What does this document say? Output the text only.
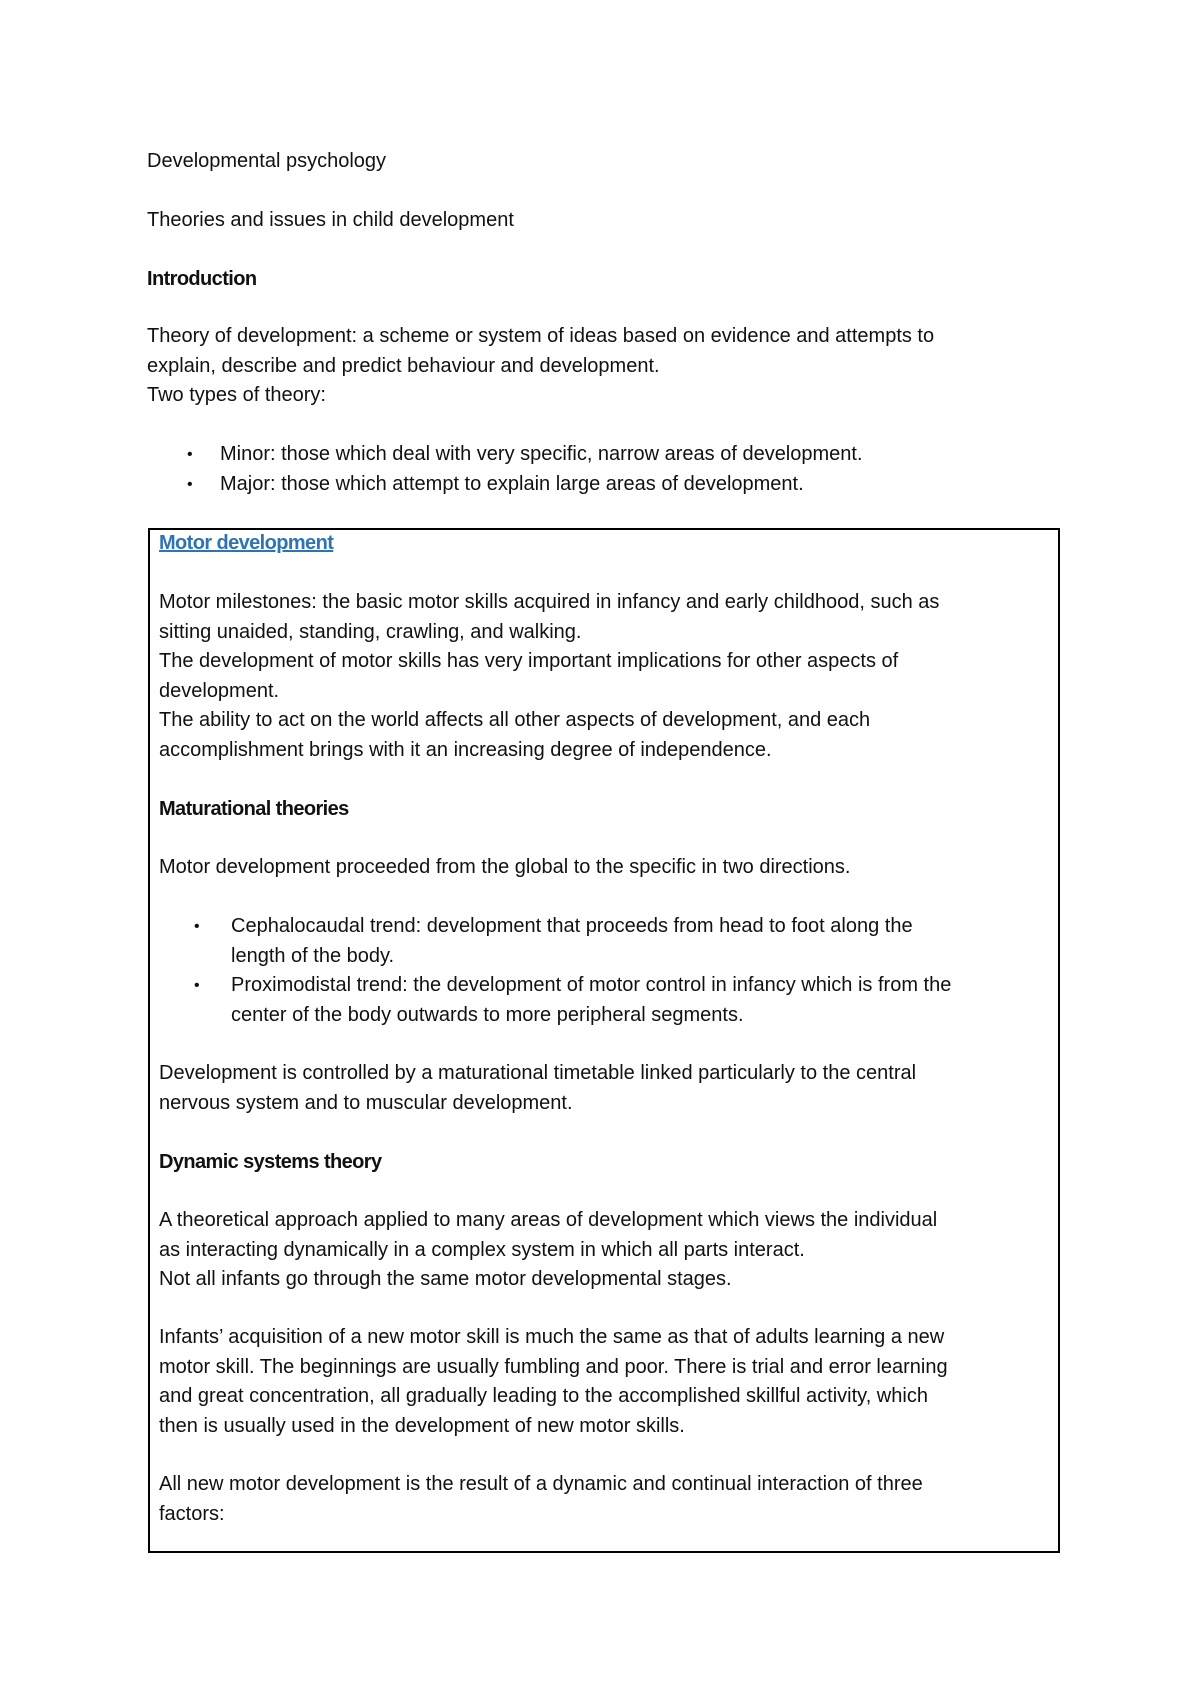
Developmental psychology
Theories and issues in child development
Introduction
Theory of development: a scheme or system of ideas based on evidence and attempts to
explain, describe and predict behaviour and development.
Two types of theory:
• Minor: those which deal with very specific, narrow areas of development.
• Major: those which attempt to explain large areas of development.
Motor development
Motor milestones: the basic motor skills acquired in infancy and early childhood, such as
sitting unaided, standing, crawling, and walking.
The development of motor skills has very important implications for other aspects of
development.
The ability to act on the world affects all other aspects of development, and each
accomplishment brings with it an increasing degree of independence.
Maturational theories
Motor development proceeded from the global to the specific in two directions.
• Cephalocaudal trend: development that proceeds from head to foot along the
length of the body.
• Proximodistal trend: the development of motor control in infancy which is from the
center of the body outwards to more peripheral segments.
Development is controlled by a maturational timetable linked particularly to the central
nervous system and to muscular development.
Dynamic systems theory
A theoretical approach applied to many areas of development which views the individual
as interacting dynamically in a complex system in which all parts interact.
Not all infants go through the same motor developmental stages.
Infants’ acquisition of a new motor skill is much the same as that of adults learning a new
motor skill. The beginnings are usually fumbling and poor. There is trial and error learning
and great concentration, all gradually leading to the accomplished skillful activity, which
then is usually used in the development of new motor skills.
All new motor development is the result of a dynamic and continual interaction of three
factors:
